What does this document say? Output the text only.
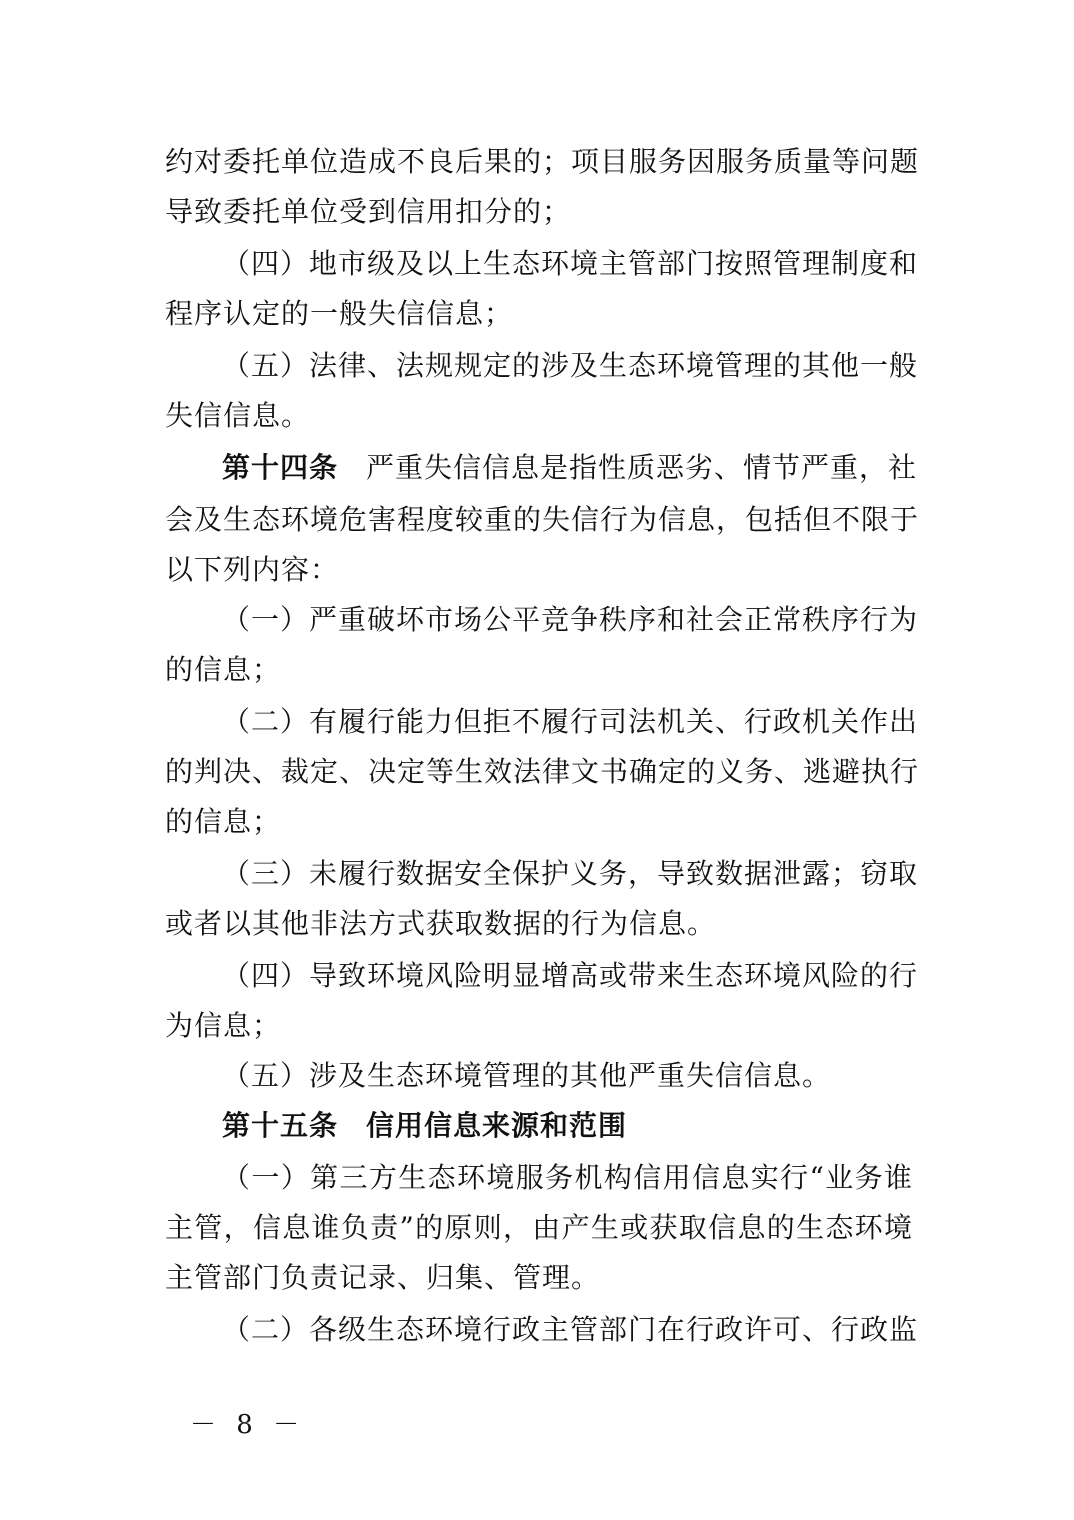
约对委托单位造成不良后果的；项目服务因服务质量等问题
导致委托单位受到信用扣分的；
（四）地市级及以上生态环境主管部门按照管理制度和
程序认定的一般失信信息；
（五）法律、法规规定的涉及生态环境管理的其他一般
失信信息。
第十四条 严重失信信息是指性质恶劣、情节严重，社
会及生态环境危害程度较重的失信行为信息，包括但不限于
以下列内容：
（一）严重破坏市场公平竞争秩序和社会正常秩序行为
的信息；
（二）有履行能力但拒不履行司法机关、行政机关作出
的判决、裁定、决定等生效法律文书确定的义务、逃避执行
的信息；
（三）未履行数据安全保护义务，导致数据泄露；窃取
或者以其他非法方式获取数据的行为信息。
（四）导致环境风险明显增高或带来生态环境风险的行
为信息；
（五）涉及生态环境管理的其他严重失信信息。
第十五条 信用信息来源和范围
（一）第三方生态环境服务机构信用信息实行“业务谁
主管，信息谁负责”的原则，由产生或获取信息的生态环境
主管部门负责记录、归集、管理。
（二）各级生态环境行政主管部门在行政许可、行政监
－ 8 －
